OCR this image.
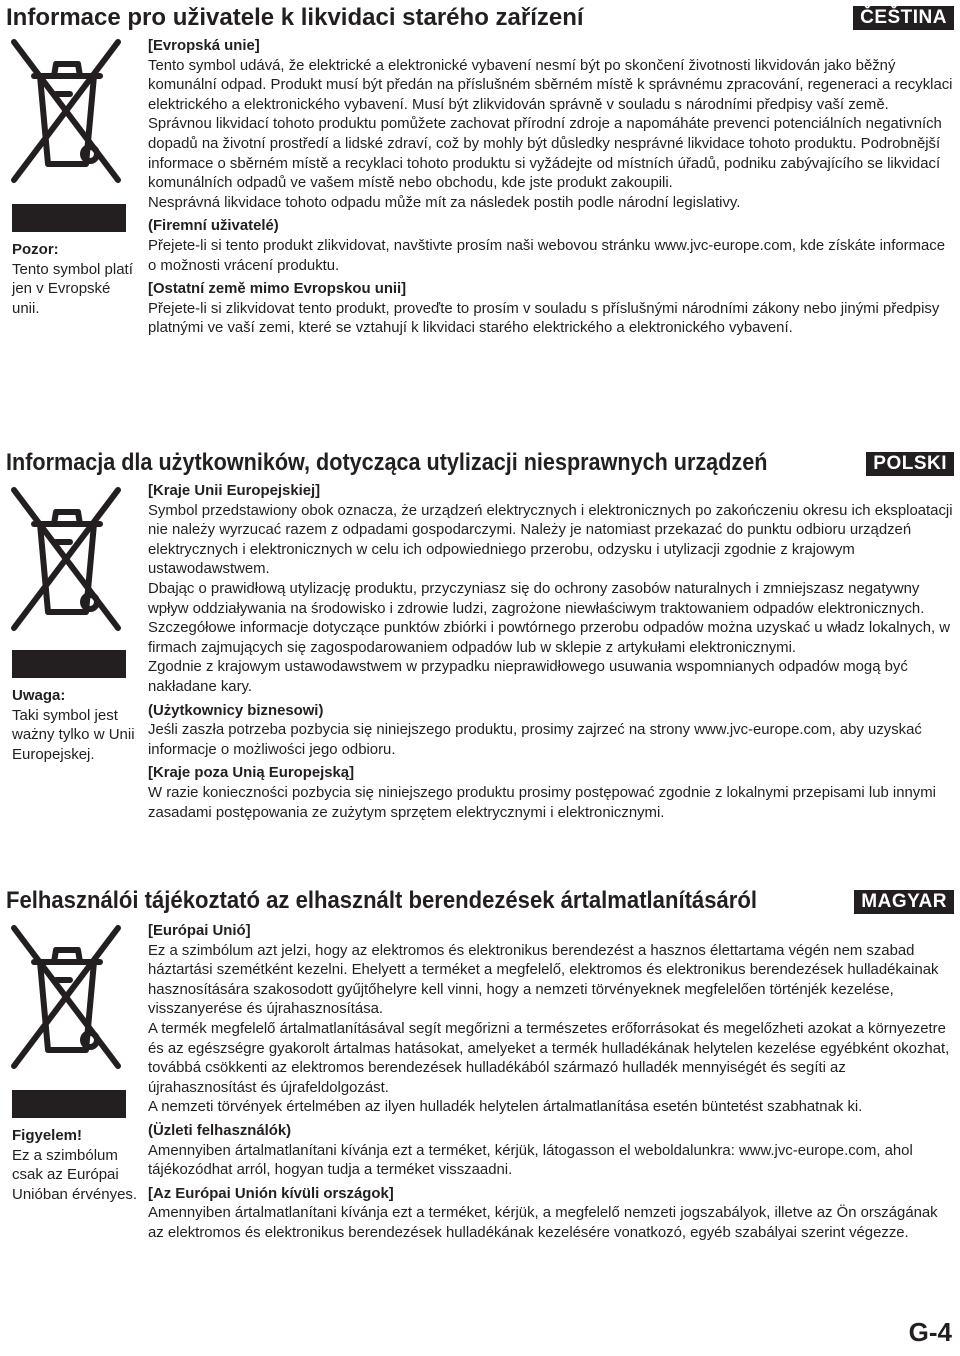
Informace pro uživatele k likvidaci starého zařízení	ČEŠTINA
Pozor:
Tento symbol platí jen v Evropské unii.

[Evropská unie]

Tento symbol udává, že elektrické a elektronické vybavení nesmí být po skončení životnosti likvidován jako běžný komunální odpad. Produkt musí být předán na příslušném sběrném místě k správnému zpracování, regeneraci a recyklaci elektrického a elektronického vybavení. Musí být zlikvidován správně v souladu s národními předpisy vaší země.

Správnou likvidací tohoto produktu pomůžete zachovat přírodní zdroje a napomáháte prevenci potenciálních negativních dopadů na životní prostředí a lidské zdraví, což by mohly být důsledky nesprávné likvidace tohoto produktu. Podrobnější informace o sběrném místě a recyklaci tohoto produktu si vyžádejte od místních úřadů, podniku zabývajícího se likvidací komunálních odpadů ve vašem místě nebo obchodu, kde jste produkt zakoupili.

Nesprávná likvidace tohoto odpadu může mít za následek postih podle národní legislativy.

(Firemní uživatelé)

Přejete-li si tento produkt zlikvidovat, navštivte prosím naši webovou stránku www.jvc-europe.com, kde získáte informace o možnosti vrácení produktu.

[Ostatní země mimo Evropskou unii]

Přejete-li si zlikvidovat tento produkt, proveďte to prosím v souladu s příslušnými národními zákony nebo jinými předpisy platnými ve vaší zemi, které se vztahují k likvidaci starého elektrického a elektronického vybavení.

Informacja dla użytkowników, dotycząca utylizacji niesprawnych urządzeń	POLSKI
Uwaga:
Taki symbol jest ważny tylko w Unii Europejskej.

[Kraje Unii Europejskiej]

Symbol przedstawiony obok oznacza, że urządzeń elektrycznych i elektronicznych po zakończeniu okresu ich eksploatacji nie należy wyrzucać razem z odpadami gospodarczymi. Należy je natomiast przekazać do punktu odbioru urządzeń elektrycznych i elektronicznych w celu ich odpowiedniego przerobu, odzysku i utylizacji zgodnie z krajowym ustawodawstwem.

Dbając o prawidłową utylizację produktu, przyczyniasz się do ochrony zasobów naturalnych i zmniejszasz negatywny wpływ oddziaływania na środowisko i zdrowie ludzi, zagrożone niewłaściwym traktowaniem odpadów elektronicznych. Szczegółowe informacje dotyczące punktów zbiórki i powtórnego przerobu odpadów można uzyskać u władz lokalnych, w firmach zajmujących się zagospodarowaniem odpadów lub w sklepie z artykułami elektronicznymi.

Zgodnie z krajowym ustawodawstwem w przypadku nieprawidłowego usuwania wspomnianych odpadów mogą być nakładane kary.

(Użytkownicy biznesowi)

Jeśli zaszła potrzeba pozbycia się niniejszego produktu, prosimy zajrzeć na strony www.jvc-europe.com, aby uzyskać informacje o możliwości jego odbioru.

[Kraje poza Unią Europejską]

W razie konieczności pozbycia się niniejszego produktu prosimy postępować zgodnie z lokalnymi przepisami lub innymi zasadami postępowania ze zużytym sprzętem elektrycznymi i elektronicznymi.

Felhasználói tájékoztató az elhasznált berendezések ártalmatlanításáról	MAGYAR
Figyelem!
Ez a szimbólum csak az Európai Unióban érvényes.

[Európai Unió]

Ez a szimbólum azt jelzi, hogy az elektromos és elektronikus berendezést a hasznos élettartama végén nem szabad háztartási szemétként kezelni. Ehelyett a terméket a megfelelő, elektromos és elektronikus berendezések hulladékainak hasznosítására szakosodott gyűjtőhelyre kell vinni, hogy a nemzeti törvényeknek megfelelően történjék kezelése, visszanyerése és újrahasznosítása.

A termék megfelelő ártalmatlanításával segít megőrizni a természetes erőforrásokat és megelőzheti azokat a környezetre és az egészségre gyakorolt ártalmas hatásokat, amelyeket a termék hulladékának helytelen kezelése egyébként okozhat, továbbá csökkenti az elektromos berendezések hulladékából származó hulladék mennyiségét és segíti az újrahasznosítást és újrafeldolgozást.

A nemzeti törvények értelmében az ilyen hulladék helytelen ártalmatlanítása esetén büntetést szabhatnak ki.

(Üzleti felhasználók)

Amennyiben ártalmatlanítani kívánja ezt a terméket, kérjük, látogasson el weboldalunkra: www.jvc-europe.com, ahol tájékozódhat arról, hogyan tudja a terméket visszaadni.

[Az Európai Unión kívüli országok]

Amennyiben ártalmatlanítani kívánja ezt a terméket, kérjük, a megfelelő nemzeti jogszabályok, illetve az Ön országának az elektromos és elektronikus berendezések hulladékának kezelésére vonatkozó, egyéb szabályai szerint végezze.

G-4
